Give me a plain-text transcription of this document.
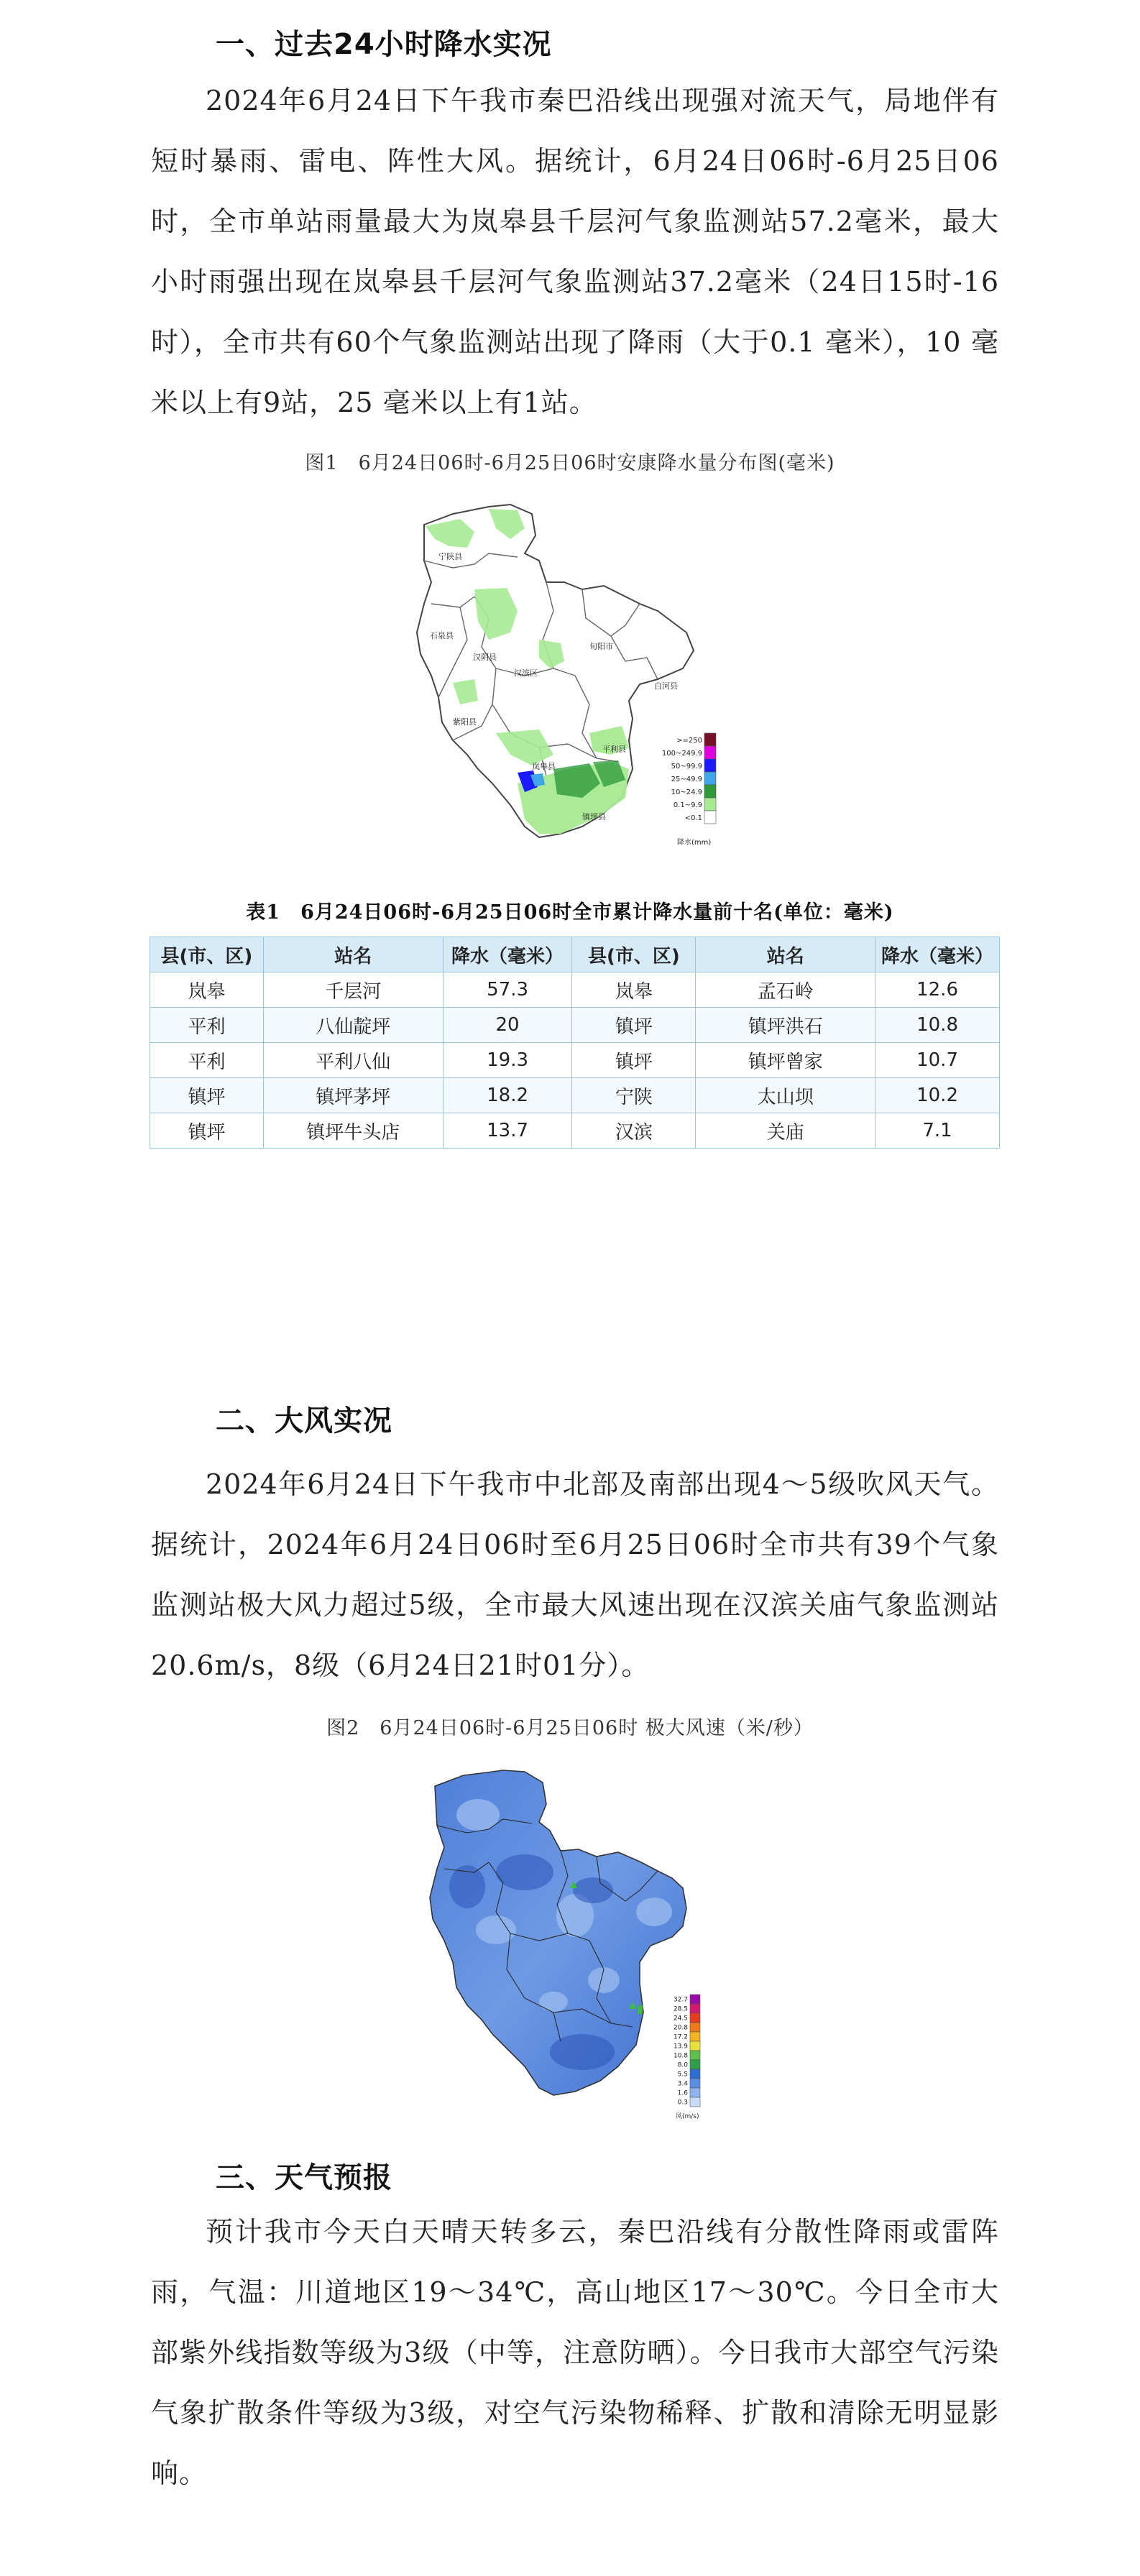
一、过去24小时降水实况

2024年6月24日下午我市秦巴沿线出现强对流天气，局地伴有短时暴雨、雷电、阵性大风。据统计，6月24日06时-6月25日06时，全市单站雨量最大为岚皋县千层河气象监测站57.2毫米，最大小时雨强出现在岚皋县千层河气象监测站37.2毫米（24日15时-16时），全市共有60个气象监测站出现了降雨（大于0.1 毫米），10 毫米以上有9站，25 毫米以上有1站。

图1　6月24日06时-6月25日06时安康降水量分布图(毫米)
宁陕县
石泉县
汉阴县
汉滨区
旬阳市
白河县
紫阳县
岚皋县
平利县
镇坪县
>=250
100~249.9
50~99.9
25~49.9
10~24.9
0.1~9.9
<0.1
降水(mm)
表1　6月24日06时-6月25日06时全市累计降水量前十名(单位：毫米)
县(市、区)	站名	降水（毫米）	县(市、区)	站名	降水（毫米）
岚皋	千层河	57.3	岚皋	孟石岭	12.6
平利	八仙靛坪	20	镇坪	镇坪洪石	10.8
平利	平利八仙	19.3	镇坪	镇坪曾家	10.7
镇坪	镇坪茅坪	18.2	宁陕	太山坝	10.2
镇坪	镇坪牛头店	13.7	汉滨	关庙	7.1
二、大风实况

2024年6月24日下午我市中北部及南部出现4～5级吹风天气。据统计，2024年6月24日06时至6月25日06时全市共有39个气象监测站极大风力超过5级，全市最大风速出现在汉滨关庙气象监测站20.6m/s，8级（6月24日21时01分）。

图2　6月24日06时-6月25日06时 极大风速（米/秒）
32.7
28.5
24.5
20.8
17.2
13.9
10.8
8.0
5.5
3.4
1.6
0.3
风(m/s)
三、天气预报

预计我市今天白天晴天转多云，秦巴沿线有分散性降雨或雷阵雨，气温：川道地区19～34℃，高山地区17～30℃。今日全市大部紫外线指数等级为3级（中等，注意防晒）。今日我市大部空气污染气象扩散条件等级为3级，对空气污染物稀释、扩散和清除无明显影响。
